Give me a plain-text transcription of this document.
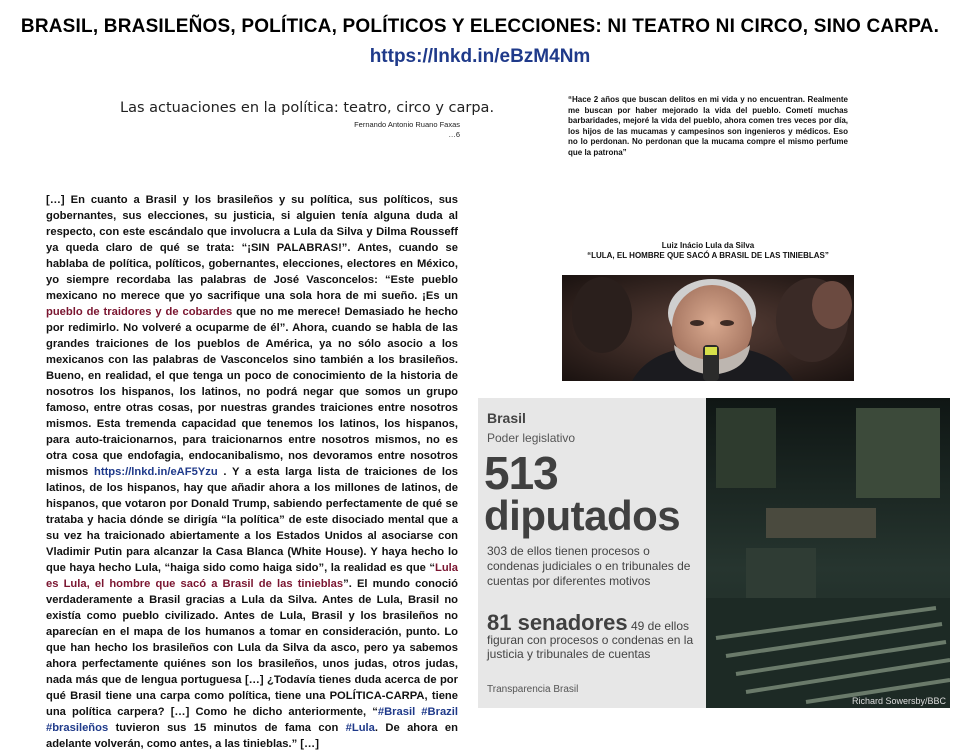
BRASIL, BRASILEÑOS, POLÍTICA, POLÍTICOS Y ELECCIONES: NI TEATRO NI CIRCO, SINO CARPA.
https://lnkd.in/eBzM4Nm
Las actuaciones en la política: teatro, circo y carpa.
Fernando Antonio Ruano Faxas
…6
[…] En cuanto a Brasil y los brasileños y su política, sus políticos, sus gobernantes, sus elecciones, su justicia, si alguien tenía alguna duda al respecto, con este escándalo que involucra a Lula da Silva y Dilma Rousseff ya queda claro de qué se trata: “¡SIN PALABRAS!”. Antes, cuando se hablaba de política, políticos, gobernantes, elecciones, electores en México, yo siempre recordaba las palabras de José Vasconcelos: “Este pueblo mexicano no merece que yo sacrifique una sola hora de mi sueño. ¡Es un pueblo de traidores y de cobardes que no me merece! Demasiado he hecho por redimirlo. No volveré a ocuparme de él”. Ahora, cuando se habla de las grandes traiciones de los pueblos de América, ya no sólo asocio a los mexicanos con las palabras de Vasconcelos sino también a los brasileños. Bueno, en realidad, el que tenga un poco de conocimiento de la historia de nosotros los hispanos, los latinos, no podrá negar que somos un grupo famoso, entre otras cosas, por nuestras grandes traiciones entre nosotros mismos. Esta tremenda capacidad que tenemos los latinos, los hispanos, para auto-traicionarnos, para traicionarnos entre nosotros mismos, no es otra cosa que endofagia, endocanibalismo, nos devoramos entre nosotros mismos https://lnkd.in/eAF5Yzu . Y a esta larga lista de traiciones de los latinos, de los hispanos, hay que añadir ahora a los millones de latinos, de hispanos, que votaron por Donald Trump, sabiendo perfectamente de qué se trataba y hacia dónde se dirigía “la política” de este disociado mental que a su vez ha traicionado abiertamente a los Estados Unidos al asociarse con Vladimir Putin para alcanzar la Casa Blanca (White House). Y haya hecho lo que haya hecho Lula, “haiga sido como haiga sido”, la realidad es que “Lula es Lula, el hombre que sacó a Brasil de las tinieblas”. El mundo conoció verdaderamente a Brasil gracias a Lula da Silva. Antes de Lula, Brasil no existía como pueblo civilizado. Antes de Lula, Brasil y los brasileños no aparecían en el mapa de los humanos a tomar en consideración, punto. Lo que han hecho los brasileños con Lula da Silva da asco, pero ya sabemos ahora perfectamente quiénes son los brasileños, unos judas, otros judas, nada más que de lengua portuguesa […] ¿Todavía tienes duda acerca de por qué Brasil tiene una carpa como política, tiene una POLÍTICA-CARPA, tiene una política carpera? […] Como he dicho anteriormente, “#Brasil #Brazil #brasileños tuvieron sus 15 minutos de fama con #Lula. De ahora en adelante volverán, como antes, a las tinieblas.” […]
“Hace 2 años que buscan delitos en mi vida y no encuentran. Realmente me buscan por haber mejorado la vida del pueblo. Cometí muchas barbaridades, mejoré la vida del pueblo, ahora comen tres veces por día, los hijos de las mucamas y campesinos son ingenieros y médicos. Eso no lo perdonan. No perdonan que la mucama compre el mismo perfume que la patrona”
Luiz Inácio Lula da Silva
“LULA, EL HOMBRE QUE SACÓ A BRASIL DE LAS TINIEBLAS”
Brasil
Poder legislativo
513
diputados
303 de ellos tienen procesos o condenas judiciales o en tribunales de cuentas por diferentes motivos
81 senadores 49 de ellos figuran con procesos o condenas en la justicia y tribunales de cuentas
Transparencia Brasil
Richard Sowersby/BBC
